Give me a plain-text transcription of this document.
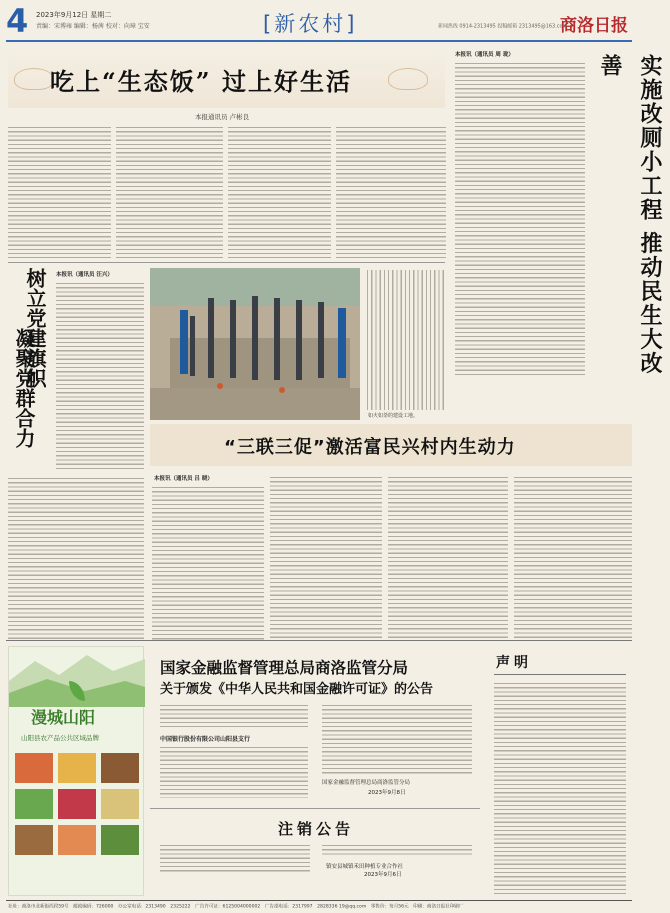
4 2023年9月12日 星期二
责编：宋博雍 编辑：杨茜 校对：向璋 宝安	[新农村]	商洛日报
新闻热线 0914-2313495 投稿邮箱 2313495@163.com
吃上“生态饭” 过上好生活
本报通讯员 卢彬良
本报讯（通讯员 周 珑）	实施改厕小工程 推动民生大改善
树立党建旗帜
凝聚党群合力
本报讯（通讯员 汪兴）
如火如荼的建设工地。
“三联三促”激活富民兴村内生动力
本报讯（通讯员 吕 晓）
漫城山阳
山阳县农产品公共区域品牌
国家金融监督管理总局商洛监管分局
关于颁发《中华人民共和国金融许可证》的公告
中国银行股份有限公司山阳县支行
国家金融监督管理总局商洛监管分局
2023年9月8日
注销公告
镇安县城镇禾田种植专业合作社
2023年9月6日
声明
社址：商洛市北新街西段59号　邮政编码：726000　办公室电话：2313490　2325222　广告许可证：6125004000002　广告部电话：2317997　2828336 19@qq.com　零售价：每月56元　印刷：商洛日报社印刷厂
